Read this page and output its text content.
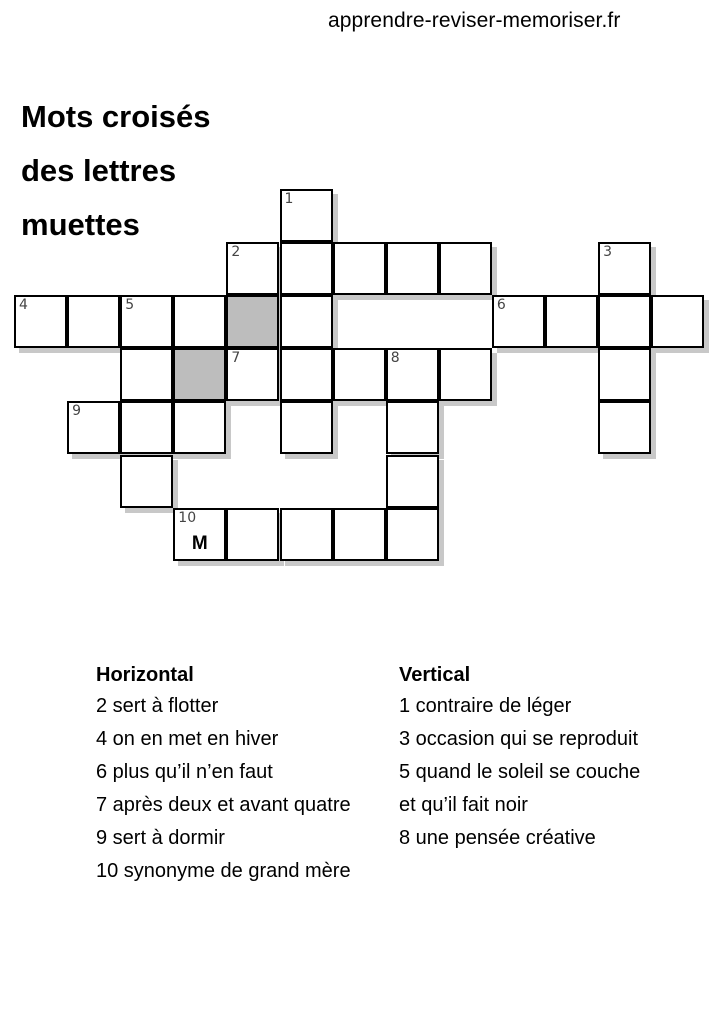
apprendre-reviser-memoriser.fr
Mots croisés
des lettres
muettes
1
2	3
4	5	6
7	8
9
10
M
Horizontal
2 sert à flotter
4 on en met en hiver
6 plus qu’il n’en faut
7 après deux et avant quatre
9 sert à dormir
10 synonyme de grand mère
Vertical
1 contraire de léger
3 occasion qui se reproduit
5 quand le soleil se couche et qu’il fait noir
8 une pensée créative
